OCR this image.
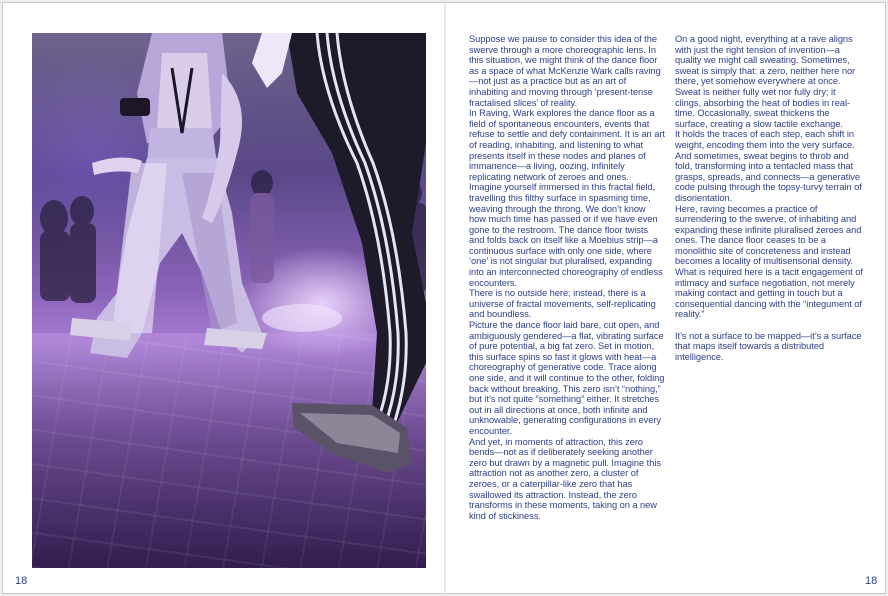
Suppose we pause to consider this idea of the swerve through a more choreographic lens. In this situation, we might think of the dance floor as a space of what McKenzie Wark calls raving—not just as a practice but as an art of inhabiting and moving through ‘present-tense fractalised slices’ of reality.

In Raving, Wark explores the dance floor as a field of spontaneous encounters, events that refuse to settle and defy containment. It is an art of reading, inhabiting, and listening to what presents itself in these nodes and planes of immanence—a living, oozing, infinitely replicating network of zeroes and ones.

Imagine yourself immersed in this fractal field, travelling this filthy surface in spasming time, weaving through the throng. We don’t know how much time has passed or if we have even gone to the restroom. The dance floor twists and folds back on itself like a Moebius strip—a continuous surface with only one side, where ‘one’ is not singular but pluralised, expanding into an interconnected choreography of endless encounters.

There is no outside here; instead, there is a universe of fractal movements, self-replicating and boundless.

Picture the dance floor laid bare, cut open, and ambiguously gendered—a flat, vibrating surface of pure potential, a big fat zero. Set in motion, this surface spins so fast it glows with heat—a choreography of generative code. Trace along one side, and it will continue to the other, folding back without breaking. This zero isn’t “nothing,” but it’s not quite “something” either. It stretches out in all directions at once, both infinite and unknowable, generating configurations in every encounter.

And yet, in moments of attraction, this zero bends—not as if deliberately seeking another zero but drawn by a magnetic pull. Imagine this attraction not as another zero, a cluster of zeroes, or a caterpillar-like zero that has swallowed its attraction. Instead, the zero transforms in these moments, taking on a new kind of stickiness.

On a good night, everything at a rave aligns with just the right tension of invention—a quality we might call sweating. Sometimes, sweat is simply that: a zero, neither here nor there, yet somehow everywhere at once. Sweat is neither fully wet nor fully dry; it clings, absorbing the heat of bodies in real-time. Occasionally, sweat thickens the surface, creating a slow tactile exchange.

It holds the traces of each step, each shift in weight, encoding them into the very surface. And sometimes, sweat begins to throb and fold, transforming into a tentacled mass that grasps, spreads, and connects—a generative code pulsing through the topsy-turvy terrain of disorientation.

Here, raving becomes a practice of surrendering to the swerve, of inhabiting and expanding these infinite pluralised zeroes and ones. The dance floor ceases to be a monolithic site of concreteness and instead becomes a locality of multisensorial density.

What is required here is a tacit engagement of intimacy and surface negotiation, not merely making contact and getting in touch but a consequential dancing with the “integument of reality.”

It’s not a surface to be mapped—it’s a surface that maps itself towards a distributed intelligence.

18	18
